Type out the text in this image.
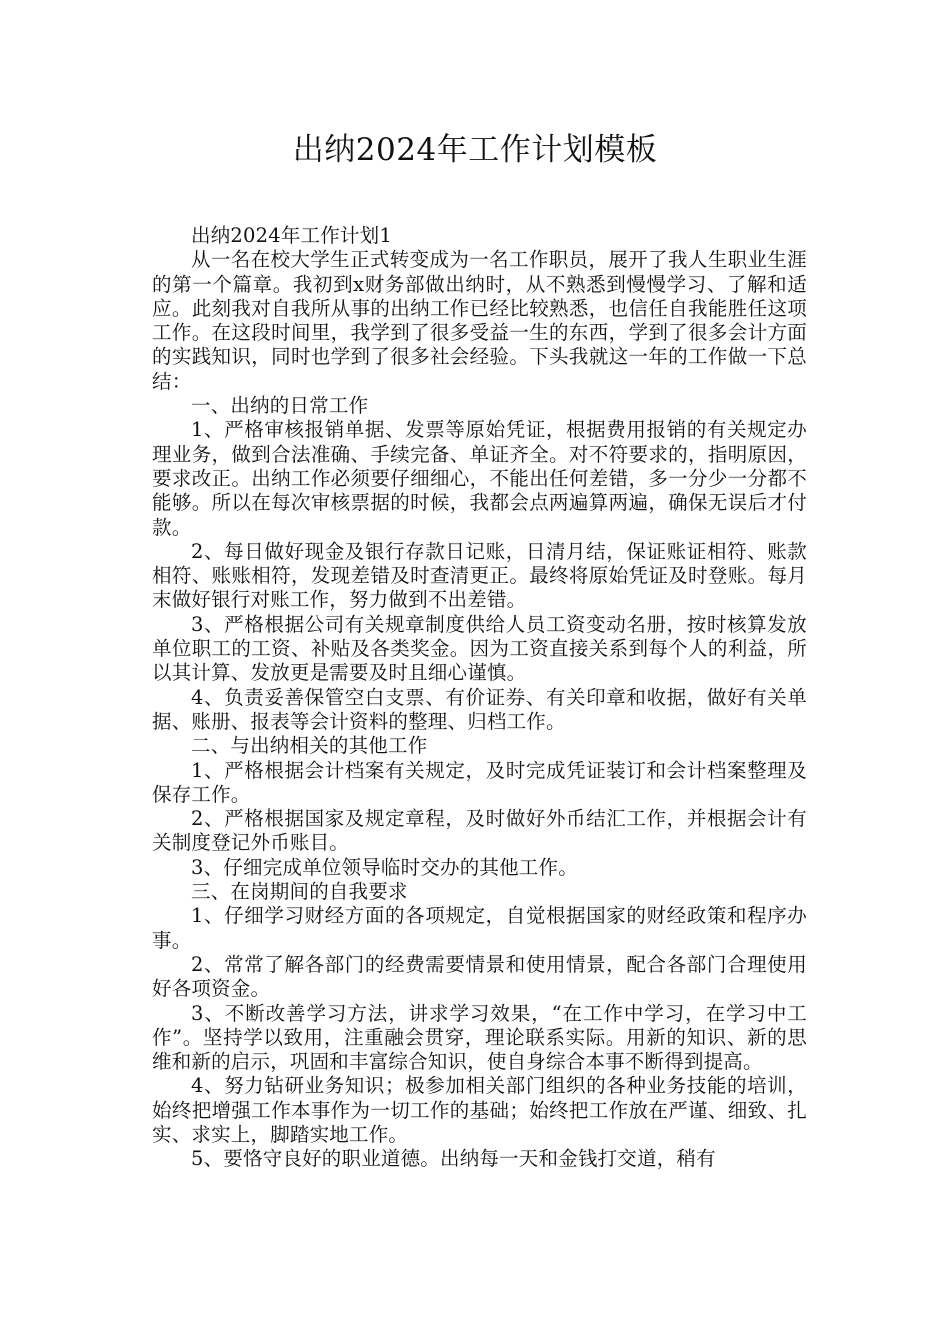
出纳2024年工作计划模板

出纳2024年工作计划1

从一名在校大学生正式转变成为一名工作职员，展开了我人生职业生涯的第一个篇章。我初到x财务部做出纳时，从不熟悉到慢慢学习、了解和适应。此刻我对自我所从事的出纳工作已经比较熟悉，也信任自我能胜任这项工作。在这段时间里，我学到了很多受益一生的东西，学到了很多会计方面的实践知识，同时也学到了很多社会经验。下头我就这一年的工作做一下总结：

一、出纳的日常工作

1、严格审核报销单据、发票等原始凭证，根据费用报销的有关规定办理业务，做到合法准确、手续完备、单证齐全。对不符要求的，指明原因，要求改正。出纳工作必须要仔细细心，不能出任何差错，多一分少一分都不能够。所以在每次审核票据的时候，我都会点两遍算两遍，确保无误后才付款。

2、每日做好现金及银行存款日记账，日清月结，保证账证相符、账款相符、账账相符，发现差错及时查清更正。最终将原始凭证及时登账。每月末做好银行对账工作，努力做到不出差错。

3、严格根据公司有关规章制度供给人员工资变动名册，按时核算发放单位职工的工资、补贴及各类奖金。因为工资直接关系到每个人的利益，所以其计算、发放更是需要及时且细心谨慎。

4、负责妥善保管空白支票、有价证券、有关印章和收据，做好有关单据、账册、报表等会计资料的整理、归档工作。

二、与出纳相关的其他工作

1、严格根据会计档案有关规定，及时完成凭证装订和会计档案整理及保存工作。

2、严格根据国家及规定章程，及时做好外币结汇工作，并根据会计有关制度登记外币账目。

3、仔细完成单位领导临时交办的其他工作。

三、在岗期间的自我要求

1、仔细学习财经方面的各项规定，自觉根据国家的财经政策和程序办事。

2、常常了解各部门的经费需要情景和使用情景，配合各部门合理使用好各项资金。

3、不断改善学习方法，讲求学习效果，“在工作中学习，在学习中工作”。坚持学以致用，注重融会贯穿，理论联系实际。用新的知识、新的思维和新的启示，巩固和丰富综合知识，使自身综合本事不断得到提高。

4、努力钻研业务知识；极参加相关部门组织的各种业务技能的培训，始终把增强工作本事作为一切工作的基础；始终把工作放在严谨、细致、扎实、求实上，脚踏实地工作。

5、要恪守良好的职业道德。出纳每一天和金钱打交道，稍有
